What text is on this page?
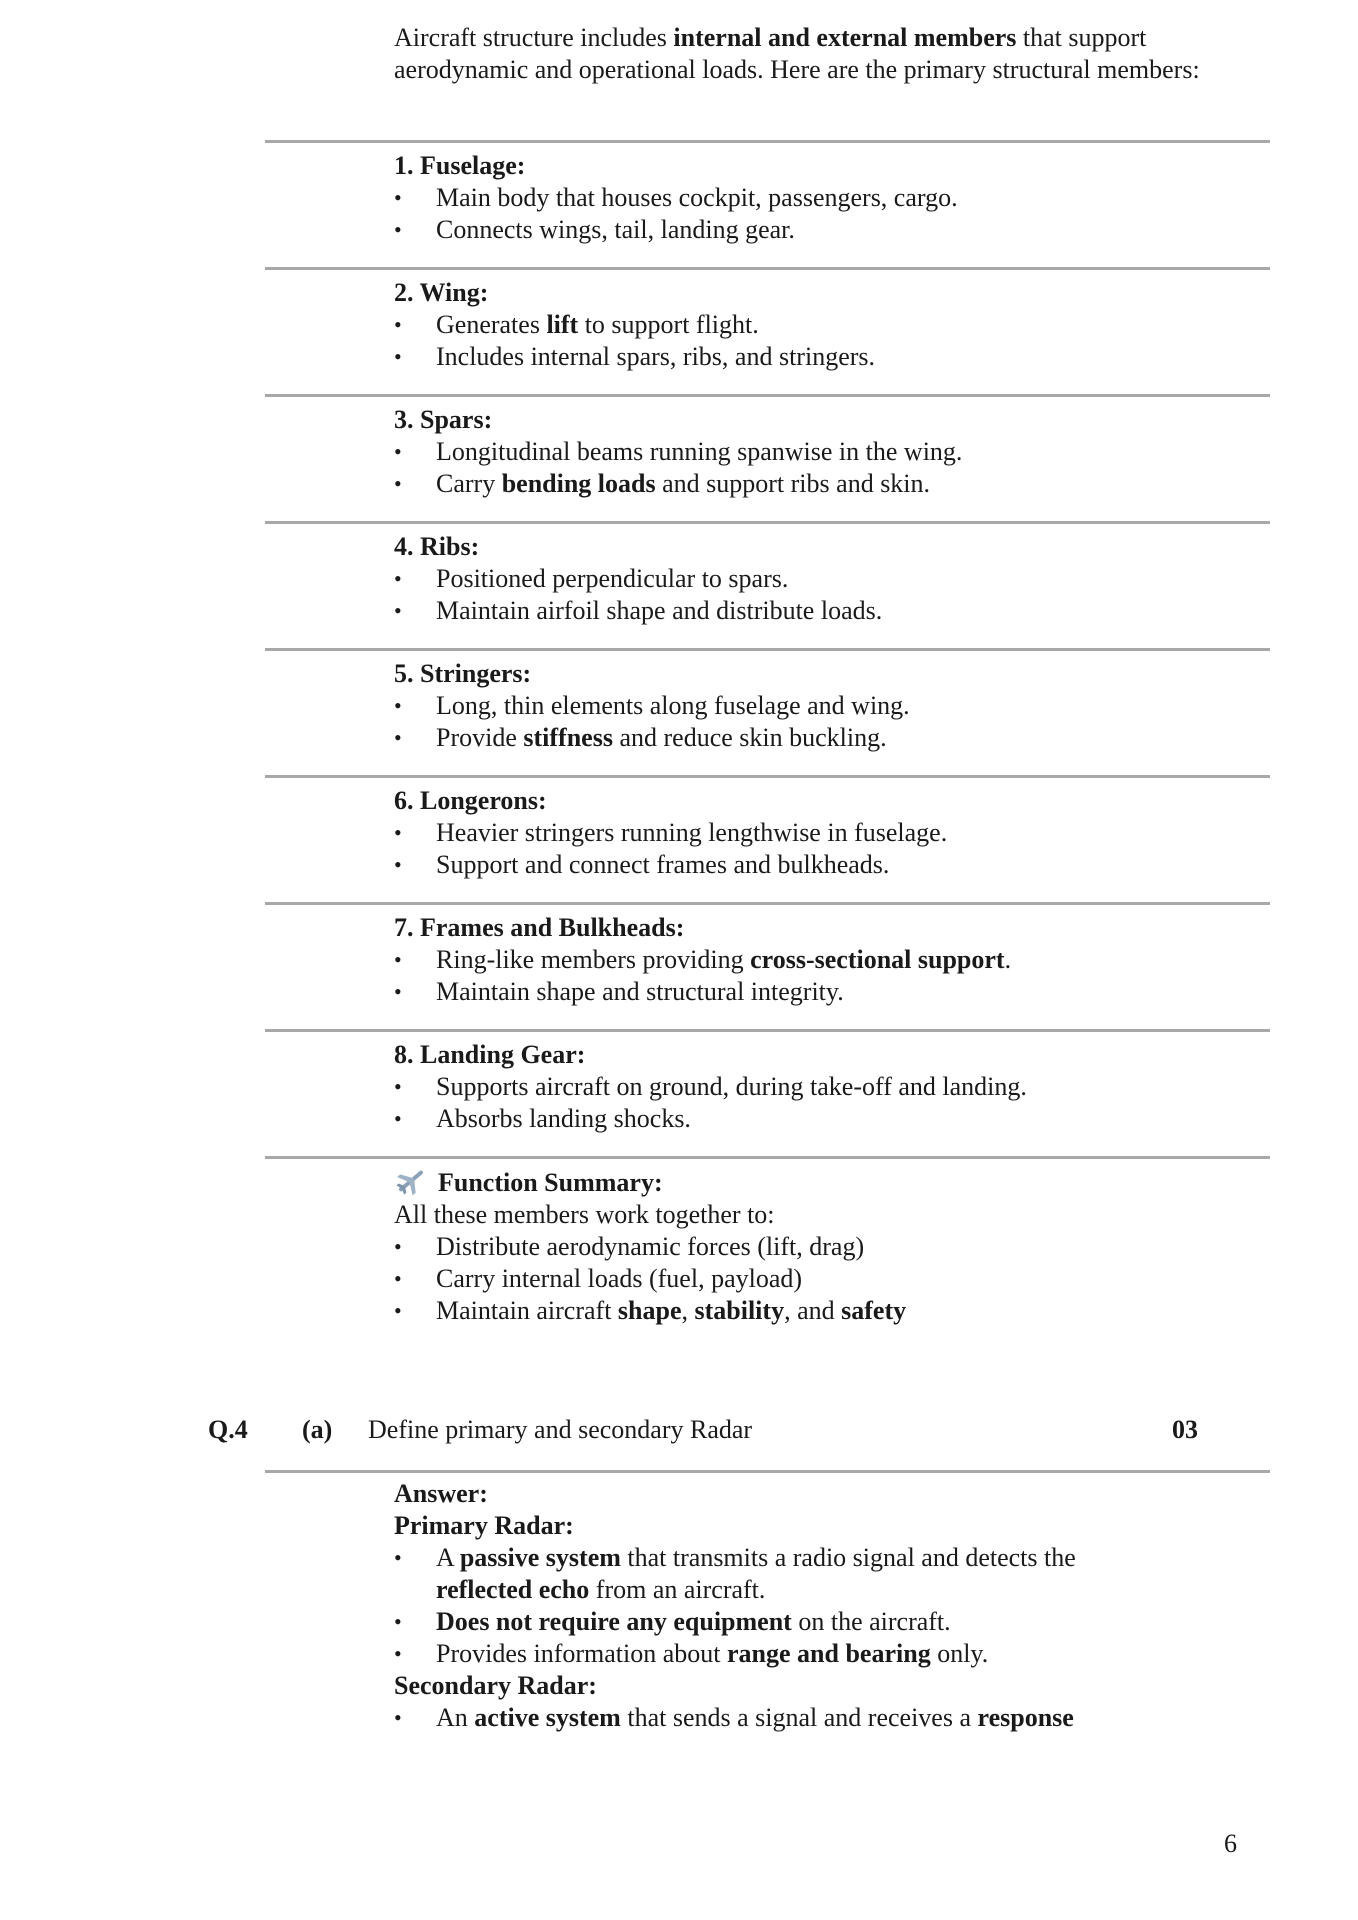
Aircraft structure includes internal and external members that support aerodynamic and operational loads. Here are the primary structural members:
1. Fuselage:
• Main body that houses cockpit, passengers, cargo.
• Connects wings, tail, landing gear.
2. Wing:
• Generates lift to support flight.
• Includes internal spars, ribs, and stringers.
3. Spars:
• Longitudinal beams running spanwise in the wing.
• Carry bending loads and support ribs and skin.
4. Ribs:
• Positioned perpendicular to spars.
• Maintain airfoil shape and distribute loads.
5. Stringers:
• Long, thin elements along fuselage and wing.
• Provide stiffness and reduce skin buckling.
6. Longerons:
• Heavier stringers running lengthwise in fuselage.
• Support and connect frames and bulkheads.
7. Frames and Bulkheads:
• Ring-like members providing cross-sectional support.
• Maintain shape and structural integrity.
8. Landing Gear:
• Supports aircraft on ground, during take-off and landing.
• Absorbs landing shocks.
Function Summary:
All these members work together to:
• Distribute aerodynamic forces (lift, drag)
• Carry internal loads (fuel, payload)
• Maintain aircraft shape, stability, and safety
Q.4 (a) Define primary and secondary Radar	03
Answer:
Primary Radar:
• A passive system that transmits a radio signal and detects the
reflected echo from an aircraft.
• Does not require any equipment on the aircraft.
• Provides information about range and bearing only.
Secondary Radar:
• An active system that sends a signal and receives a response
6
